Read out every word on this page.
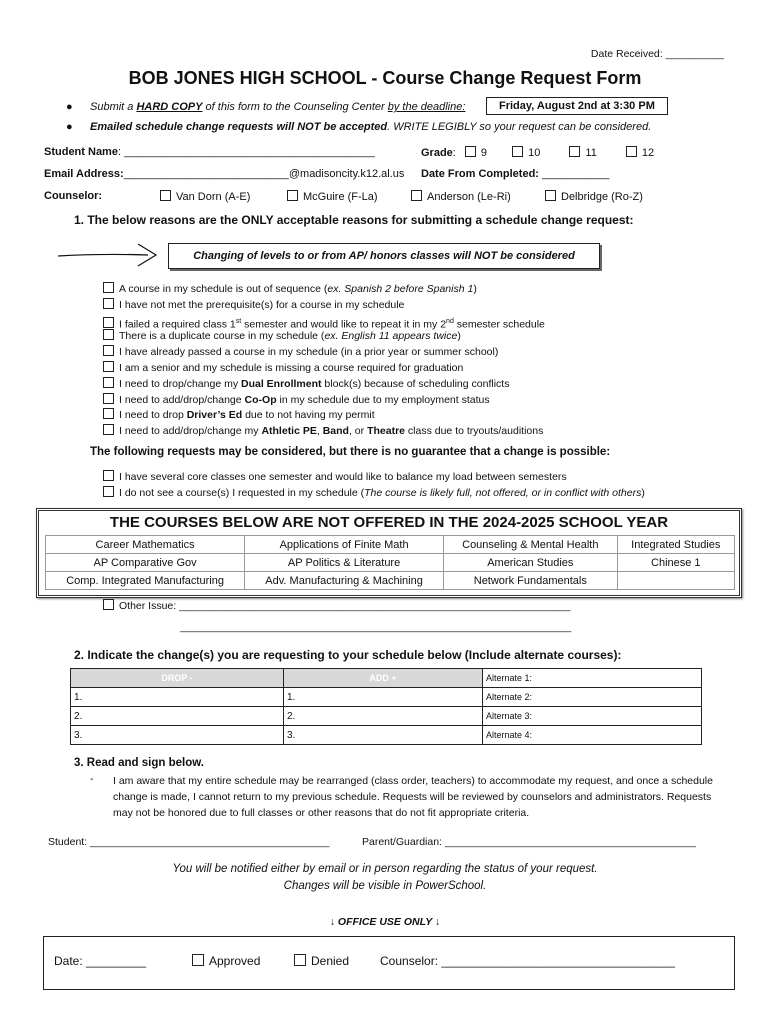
Date Received: __________
BOB JONES HIGH SCHOOL - Course Change Request Form
● Submit a HARD COPY of this form to the Counseling Center by the deadline:	Friday, August 2nd at 3:30 PM
● Emailed schedule change requests will NOT be accepted. WRITE LEGIBLY so your request can be considered.
Student Name: _________________________________________	Grade: 9	10	11	12
Email Address:___________________________@madisoncity.k12.al.us Date From Completed: ___________
Counselor:	Van Dorn (A-E)	McGuire (F-La)	Anderson (Le-Ri)	Delbridge (Ro-Z)
1. The below reasons are the ONLY acceptable reasons for submitting a schedule change request:
Changing of levels to or from AP/ honors classes will NOT be considered
A course in my schedule is out of sequence (ex. Spanish 2 before Spanish 1)
I have not met the prerequisite(s) for a course in my schedule
I failed a required class 1st semester and would like to repeat it in my 2nd semester schedule
There is a duplicate course in my schedule (ex. English 11 appears twice)
I have already passed a course in my schedule (in a prior year or summer school)
I am a senior and my schedule is missing a course required for graduation
I need to drop/change my Dual Enrollment block(s) because of scheduling conflicts
I need to add/drop/change Co-Op in my schedule due to my employment status
I need to drop Driver’s Ed due to not having my permit
I need to add/drop/change my Athletic PE, Band, or Theatre class due to tryouts/auditions
The following requests may be considered, but there is no guarantee that a change is possible:
I have several core classes one semester and would like to balance my load between semesters
I do not see a course(s) I requested in my schedule (The course is likely full, not offered, or in conflict with others)
THE COURSES BELOW ARE NOT OFFERED IN THE 2024-2025 SCHOOL YEAR
Career Mathematics	Applications of Finite Math	Counseling & Mental Health	Integrated Studies
AP Comparative Gov	AP Politics & Literature	American Studies	Chinese 1
Comp. Integrated Manufacturing	Adv. Manufacturing & Machining	Network Fundamentals	
Other Issue: ___________________________________________________________________
___________________________________________________________________
2. Indicate the change(s) you are requesting to your schedule below (Include alternate courses):
DROP -	ADD +	Alternate 1:
1.	1.	Alternate 2:
2.	2.	Alternate 3:
3.	3.	Alternate 4:
3. Read and sign below.
- I am aware that my entire schedule may be rearranged (class order, teachers) to accommodate my request, and once a schedule change is made, I cannot return to my previous schedule. Requests will be reviewed by counselors and administrators. Requests may not be honored due to full classes or other reasons that do not fit appropriate criteria.
Student: _________________________________________	Parent/Guardian: ___________________________________________
You will be notified either by email or in person regarding the status of your request.
Changes will be visible in PowerSchool.
↓ OFFICE USE ONLY ↓
Date: _________	Approved	Denied	Counselor: ___________________________________
